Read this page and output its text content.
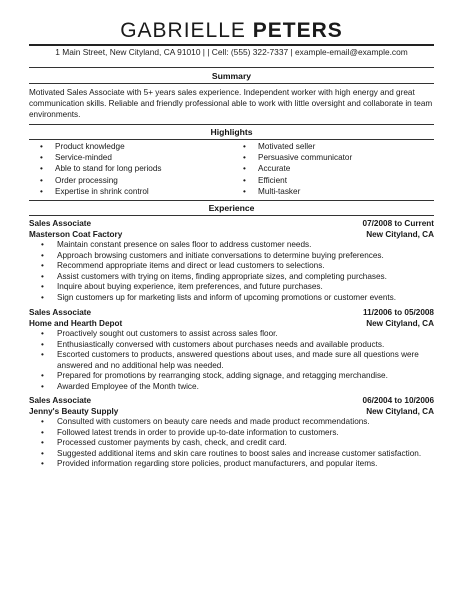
GABRIELLE PETERS
1 Main Street, New Cityland, CA 91010 | | Cell: (555) 322-7337 | example-email@example.com
Summary
Motivated Sales Associate with 5+ years sales experience. Independent worker with high energy and great communication skills. Reliable and friendly professional able to work with little oversight and collaborate in team environments.
Highlights
• Product knowledge
• Service-minded
• Able to stand for long periods
• Order processing
• Expertise in shrink control
• Motivated seller
• Persuasive communicator
• Accurate
• Efficient
• Multi-tasker
Experience
Sales Associate	07/2008 to Current
Masterson Coat Factory	New Cityland, CA
• Maintain constant presence on sales floor to address customer needs.
• Approach browsing customers and initiate conversations to determine buying preferences.
• Recommend appropriate items and direct or lead customers to selections.
• Assist customers with trying on items, finding appropriate sizes, and completing purchases.
• Inquire about buying experience, item preferences, and future purchases.
• Sign customers up for marketing lists and inform of upcoming promotions or customer events.
Sales Associate	11/2006 to 05/2008
Home and Hearth Depot	New Cityland, CA
• Proactively sought out customers to assist across sales floor.
• Enthusiastically conversed with customers about purchases needs and available products.
• Escorted customers to products, answered questions about uses, and made sure all questions were
answered and no additional help was needed.
• Prepared for promotions by rearranging stock, adding signage, and retagging merchandise.
• Awarded Employee of the Month twice.
Sales Associate	06/2004 to 10/2006
Jenny's Beauty Supply	New Cityland, CA
• Consulted with customers on beauty care needs and made product recommendations.
• Followed latest trends in order to provide up-to-date information to customers.
• Processed customer payments by cash, check, and credit card.
• Suggested additional items and skin care routines to boost sales and increase customer satisfaction.
• Provided information regarding store policies, product manufacturers, and popular items.
